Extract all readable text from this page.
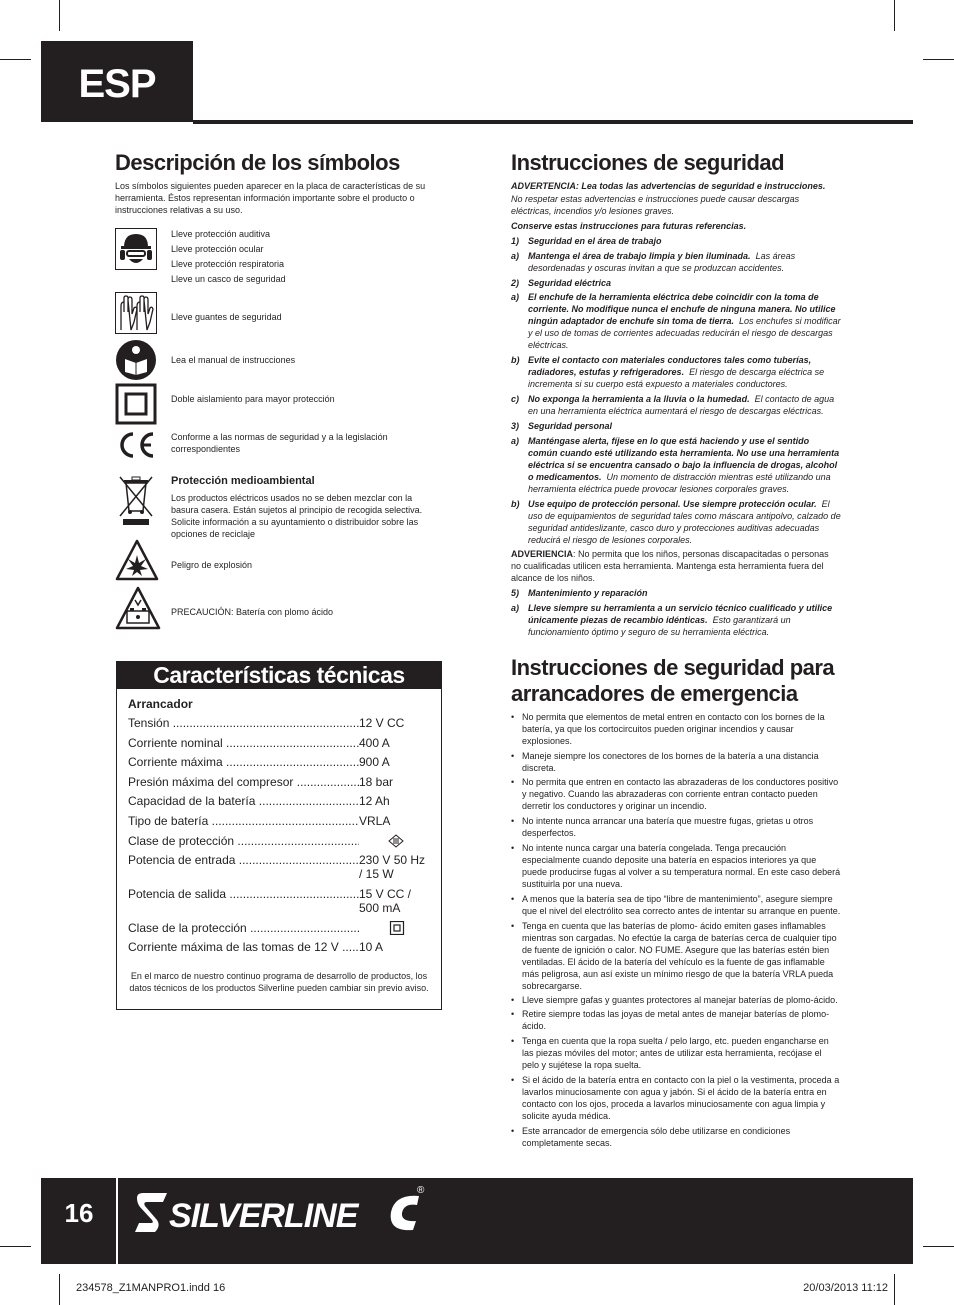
ESP
Descripción de los símbolos
Los símbolos siguientes pueden aparecer en la placa de características de su herramienta. Éstos representan información importante sobre el producto o instrucciones relativas a su uso.
Lleve protección auditiva
Lleve protección ocular
Lleve protección respiratoria
Lleve un casco de seguridad
Lleve guantes de seguridad
Lea el manual de instrucciones
Doble aislamiento para mayor protección
Conforme a las normas de seguridad y a la legislación correspondientes
Protección medioambiental
Los productos eléctricos usados no se deben mezclar con la basura casera. Están sujetos al principio de recogida selectiva. Solicite información a su ayuntamiento o distribuidor sobre las opciones de reciclaje
Peligro de explosión
PRECAUCIÓN: Batería con plomo ácido
Características técnicas
Arrancador
Tensión .....	12 V CC
Corriente nominal .....	400 A
Corriente máxima .....	900 A
Presión máxima del compresor .....	18 bar
Capacidad de la batería .....	12 Ah
Tipo de batería .....	VRLA
Clase de protección .....
Potencia de entrada .....	230 V 50 Hz / 15 W
Potencia de salida .....	15 V CC / 500 mA
Clase de la protección .....
Corriente máxima de las tomas de 12 V .....	10 A
En el marco de nuestro continuo programa de desarrollo de productos, los datos técnicos de los productos Silverline pueden cambiar sin previo aviso.
Instrucciones de seguridad
ADVERTENCIA: Lea todas las advertencias de seguridad e instrucciones.
No respetar estas advertencias e instrucciones puede causar descargas eléctricas, incendios y/o lesiones graves.
Conserve estas instrucciones para futuras referencias.
1) Seguridad en el área de trabajo
a) Mantenga el área de trabajo limpia y bien iluminada. Las áreas desordenadas y oscuras invitan a que se produzcan accidentes.
2) Seguridad eléctrica
a) El enchufe de la herramienta eléctrica debe coincidir con la toma de corriente. No modifique nunca el enchufe de ninguna manera. No utilice ningún adaptador de enchufe sin toma de tierra. Los enchufes si modificar y el uso de tomas de corrientes adecuadas reducirán el riesgo de descargas eléctricas.
b) Evite el contacto con materiales conductores tales como tuberías, radiadores, estufas y refrigeradores. El riesgo de descarga eléctrica se incrementa si su cuerpo está expuesto a materiales conductores.
c) No exponga la herramienta a la lluvia o la humedad. El contacto de agua en una herramienta eléctrica aumentará el riesgo de descargas eléctricas.
3) Seguridad personal
a) Manténgase alerta, fíjese en lo que está haciendo y use el sentido común cuando esté utilizando esta herramienta. No use una herramienta eléctrica si se encuentra cansado o bajo la influencia de drogas, alcohol o medicamentos. Un momento de distracción mientras esté utilizando una herramienta eléctrica puede provocar lesiones corporales graves.
b) Use equipo de protección personal. Use siempre protección ocular. El uso de equipamientos de seguridad tales como máscara antipolvo, calzado de seguridad antideslizante, casco duro y protecciones auditivas adecuadas reducirá el riesgo de lesiones corporales.
ADVERIENCIA: No permita que los niños, personas discapacitadas o personas no cualificadas utilicen esta herramienta. Mantenga esta herramienta fuera del alcance de los niños.
5) Mantenimiento y reparación
a) Lleve siempre su herramienta a un servicio técnico cualificado y utilice únicamente piezas de recambio idénticas. Esto garantizará un funcionamiento óptimo y seguro de su herramienta eléctrica.
Instrucciones de seguridad para
arrancadores de emergencia
• No permita que elementos de metal entren en contacto con los bornes de la batería, ya que los cortocircuitos pueden originar incendios y causar explosiones.
• Maneje siempre los conectores de los bornes de la batería a una distancia discreta.
• No permita que entren en contacto las abrazaderas de los conductores positivo y negativo. Cuando las abrazaderas con corriente entran contacto pueden derretir los conductores y originar un incendio.
• No intente nunca arrancar una batería que muestre fugas, grietas u otros desperfectos.
• No intente nunca cargar una batería congelada. Tenga precaución especialmente cuando deposite una batería en espacios interiores ya que puede producirse fugas al volver a su temperatura normal. En este caso deberá sustituirla por una nueva.
• A menos que la batería sea de tipo “libre de mantenimiento”, asegure siempre que el nivel del electrólito sea correcto antes de intentar su arranque en puente.
• Tenga en cuenta que las baterías de plomo- ácido emiten gases inflamables mientras son cargadas. No efectúe la carga de baterías cerca de cualquier tipo de fuente de ignición o calor. NO FUME. Asegure que las baterías estén bien ventiladas. El ácido de la batería del vehículo es la fuente de gas inflamable más peligrosa, aun así existe un mínimo riesgo de que la batería VRLA pueda sobrecargarse.
• Lleve siempre gafas y guantes protectores al manejar baterías de plomo-ácido.
• Retire siempre todas las joyas de metal antes de manejar baterías de plomo-ácido.
• Tenga en cuenta que la ropa suelta / pelo largo, etc. pueden engancharse en las piezas móviles del motor; antes de utilizar esta herramienta, recójase el pelo y sujétese la ropa suelta.
• Si el ácido de la batería entra en contacto con la piel o la vestimenta, proceda a lavarlos minuciosamente con agua y jabón. Si el ácido de la batería entra en contacto con los ojos, proceda a lavarlos minuciosamente con agua limpia y solicite ayuda médica.
• Este arrancador de emergencia sólo debe utilizarse en condiciones completamente secas.
16	SILVERLINE
®
234578_Z1MANPRO1.indd 16	20/03/2013 11:12
